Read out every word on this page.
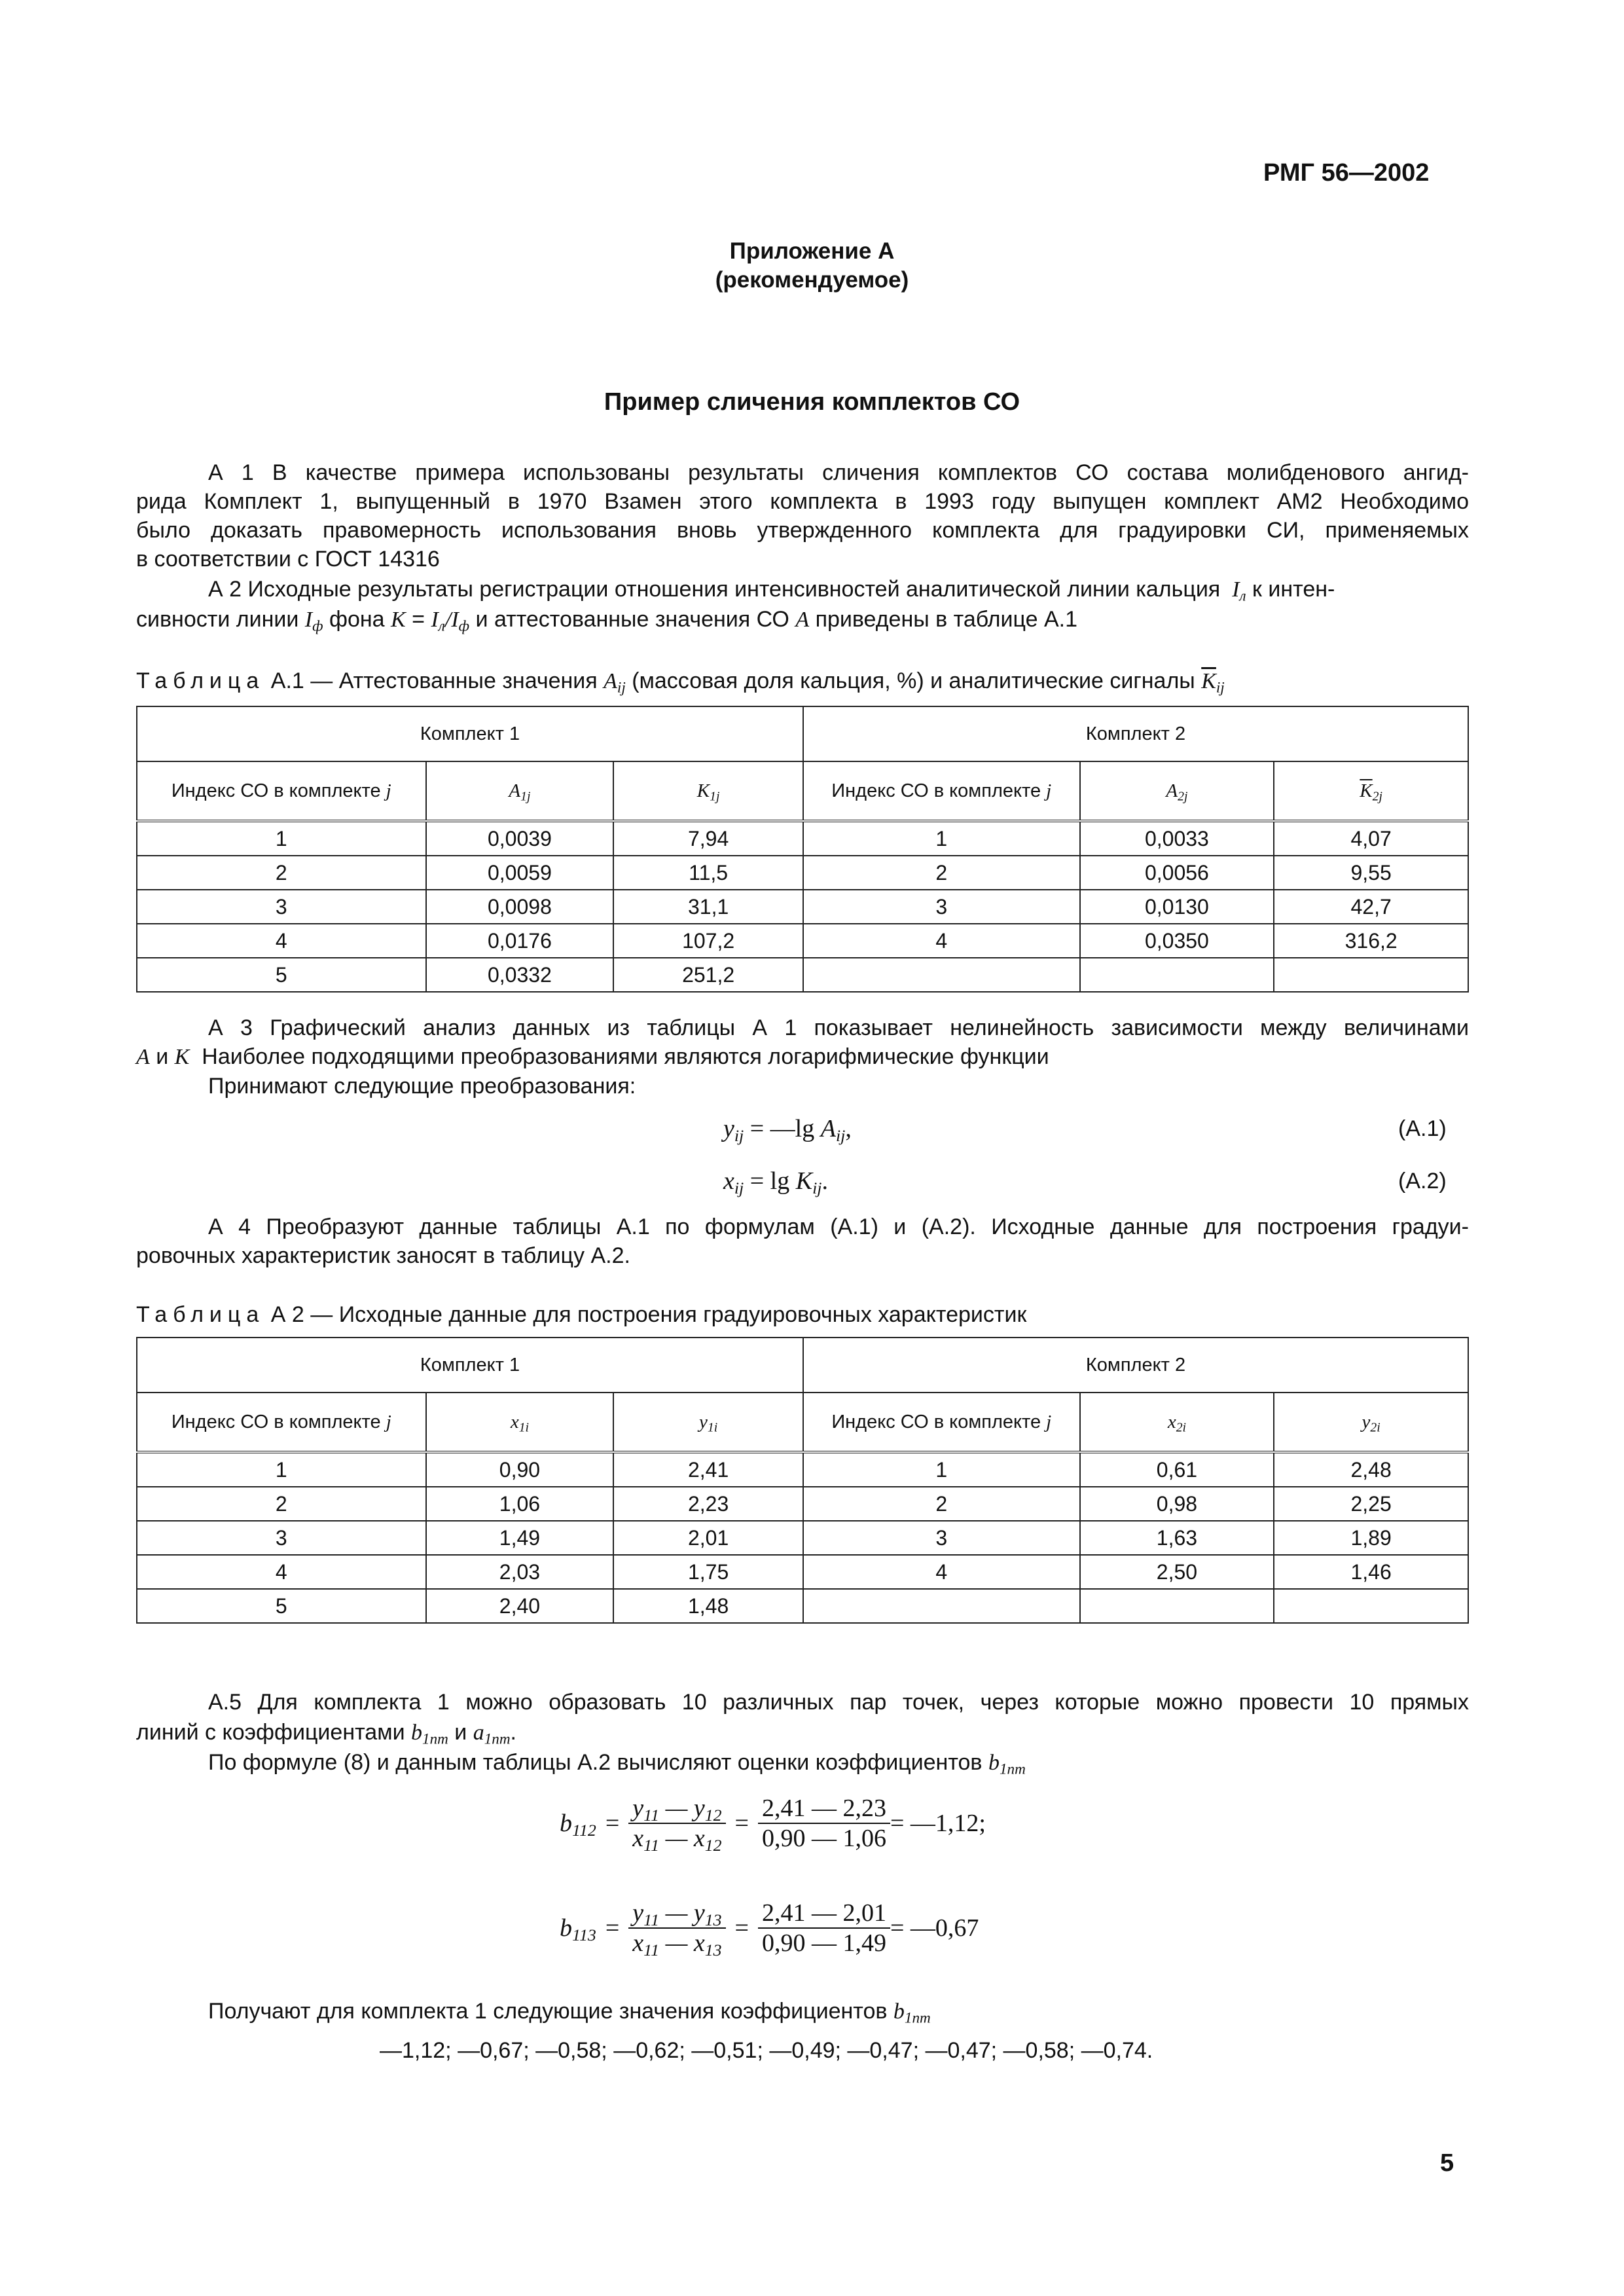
РМГ 56—2002
Приложение А
(рекомендуемое)
Пример сличения комплектов СО
А 1 В качестве примера использованы результаты сличения комплектов СО состава молибденового ангид-
рида Комплект 1, выпущенный в 1970 Взамен этого комплекта в 1993 году выпущен комплект АМ2 Необходимо
было доказать правомерность использования вновь утвержденного комплекта для градуировки СИ, применяемых
в соответствии с ГОСТ 14316
А 2 Исходные результаты регистрации отношения интенсивностей аналитической линии кальция  $I_л$ к интен-
сивности линии $I_ф$ фона $K = I_л/I_ф$ и аттестованные значения СО A приведены в таблице А.1
Таблица А.1 — Аттестованные значения $A_{ij}$ (массовая доля кальция, %) и аналитические сигналы $\overline{K}_{ij}$
Комплект 1			Комплект 2		
Индекс СО в комплекте j	$A_{1j}$	$K_{1j}$	Индекс СО в комплекте j	$A_{2j}$	$\overline{K}_{2j}$
1	0,0039	7,94	1	0,0033	4,07
2	0,0059	11,5	2	0,0056	9,55
3	0,0098	31,1	3	0,0130	42,7
4	0,0176	107,2	4	0,0350	316,2
5	0,0332	251,2			
А 3 Графический анализ данных из таблицы А 1 показывает нелинейность зависимости между величинами
A и K Наиболее подходящими преобразованиями являются логарифмические функции
Принимают следующие преобразования:
$y_{ij}$ = —lg $A_{ij}$ ,	(А.1)
$x_{ij} = \lg K_{ij}$ .	(А.2)
А 4 Преобразуют данные таблицы А.1 по формулам (А.1) и (А.2). Исходные данные для построения градуи-
ровочных характеристик заносят в таблицу А.2.
Таблица А 2 — Исходные данные для построения градуировочных характеристик
Комплект 1			Комплект 2		
Индекс СО в комплекте j	$x_{1i}$	$y_{1i}$	Индекс СО в комплекте j	$x_{2i}$	$y_{2i}$
1	0,90	2,41	1	0,61	2,48
2	1,06	2,23	2	0,98	2,25
3	1,49	2,01	3	1,63	1,89
4	2,03	1,75	4	2,50	1,46
5	2,40	1,48			
А.5 Для комплекта 1 можно образовать 10 различных пар точек, через которые можно провести 10 прямых
линий с коэффициентами $b_{1nm}$ и $a_{1nm}$.
По формуле (8) и данным таблицы А.2 вычисляют оценки коэффициентов $b_{1nm}$
$b_{112} = \frac{y_{11} — y_{12}}{x_{11} — x_{12}} = \frac{2,41 — 2,23}{0,90 — 1,06}$ = —1,12;
$b_{113} = \frac{y_{11} — y_{13}}{x_{11} — x_{13}} = \frac{2,41 — 2,01}{0,90 — 1,49}$ = —0,67
Получают для комплекта 1 следующие значения коэффициентов $b_{1nm}$
—1,12; —0,67; —0,58; —0,62; —0,51; —0,49; —0,47; —0,47; —0,58; —0,74.
5
